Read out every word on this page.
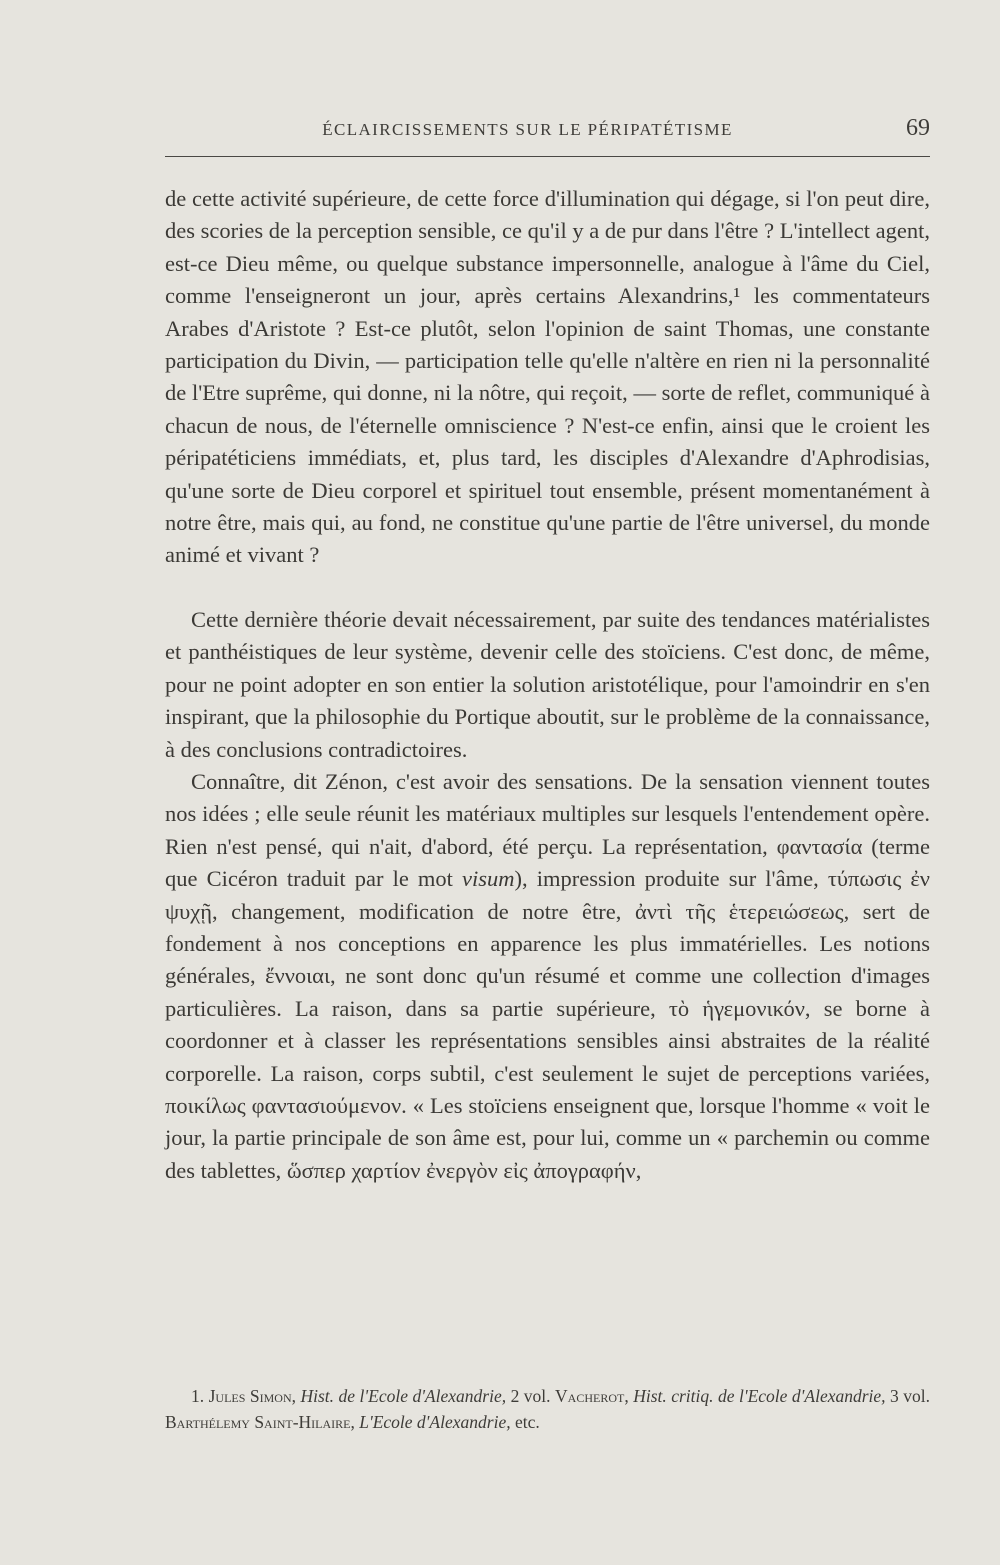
ÉCLAIRCISSEMENTS SUR LE PÉRIPATÉTISME	69

de cette activité supérieure, de cette force d'illumination qui dégage, si l'on peut dire, des scories de la perception sensible, ce qu'il y a de pur dans l'être ? L'intellect agent, est-ce Dieu même, ou quelque substance impersonnelle, analogue à l'âme du Ciel, comme l'enseigneront un jour, après certains Alexandrins,¹ les commentateurs Arabes d'Aristote ? Est-ce plutôt, selon l'opinion de saint Thomas, une constante participation du Divin, — participation telle qu'elle n'altère en rien ni la personnalité de l'Etre suprême, qui donne, ni la nôtre, qui reçoit, — sorte de reflet, communiqué à chacun de nous, de l'éternelle omniscience ? N'est-ce enfin, ainsi que le croient les péripatéticiens immédiats, et, plus tard, les disciples d'Alexandre d'Aphrodisias, qu'une sorte de Dieu corporel et spirituel tout ensemble, présent momentanément à notre être, mais qui, au fond, ne constitue qu'une partie de l'être universel, du monde animé et vivant ?

Cette dernière théorie devait nécessairement, par suite des tendances matérialistes et panthéistiques de leur système, devenir celle des stoïciens. C'est donc, de même, pour ne point adopter en son entier la solution aristotélique, pour l'amoindrir en s'en inspirant, que la philosophie du Portique aboutit, sur le problème de la connaissance, à des conclusions contradictoires.

Connaître, dit Zénon, c'est avoir des sensations. De la sensation viennent toutes nos idées ; elle seule réunit les matériaux multiples sur lesquels l'entendement opère. Rien n'est pensé, qui n'ait, d'abord, été perçu. La représentation, φαντασία (terme que Cicéron traduit par le mot visum), impression produite sur l'âme, τύπωσις ἐν ψυχῇ, changement, modification de notre être, ἀντὶ τῆς ἑτερειώσεως, sert de fondement à nos conceptions en apparence les plus immatérielles. Les notions générales, ἔννοιαι, ne sont donc qu'un résumé et comme une collection d'images particulières. La raison, dans sa partie supérieure, τὸ ἡγεμονικόν, se borne à coordonner et à classer les représentations sensibles ainsi abstraites de la réalité corporelle. La raison, corps subtil, c'est seulement le sujet de perceptions variées, ποικίλως φαντασιούμενον. « Les stoïciens enseignent que, lorsque l'homme « voit le jour, la partie principale de son âme est, pour lui, comme un « parchemin ou comme des tablettes, ὥσπερ χαρτίον ἐνεργὸν εἰς ἀπογραφήν,

1. Jules Simon, Hist. de l'Ecole d'Alexandrie, 2 vol. Vacherot, Hist. critiq. de l'Ecole d'Alexandrie, 3 vol. Barthélemy Saint-Hilaire, L'Ecole d'Alexandrie, etc.
